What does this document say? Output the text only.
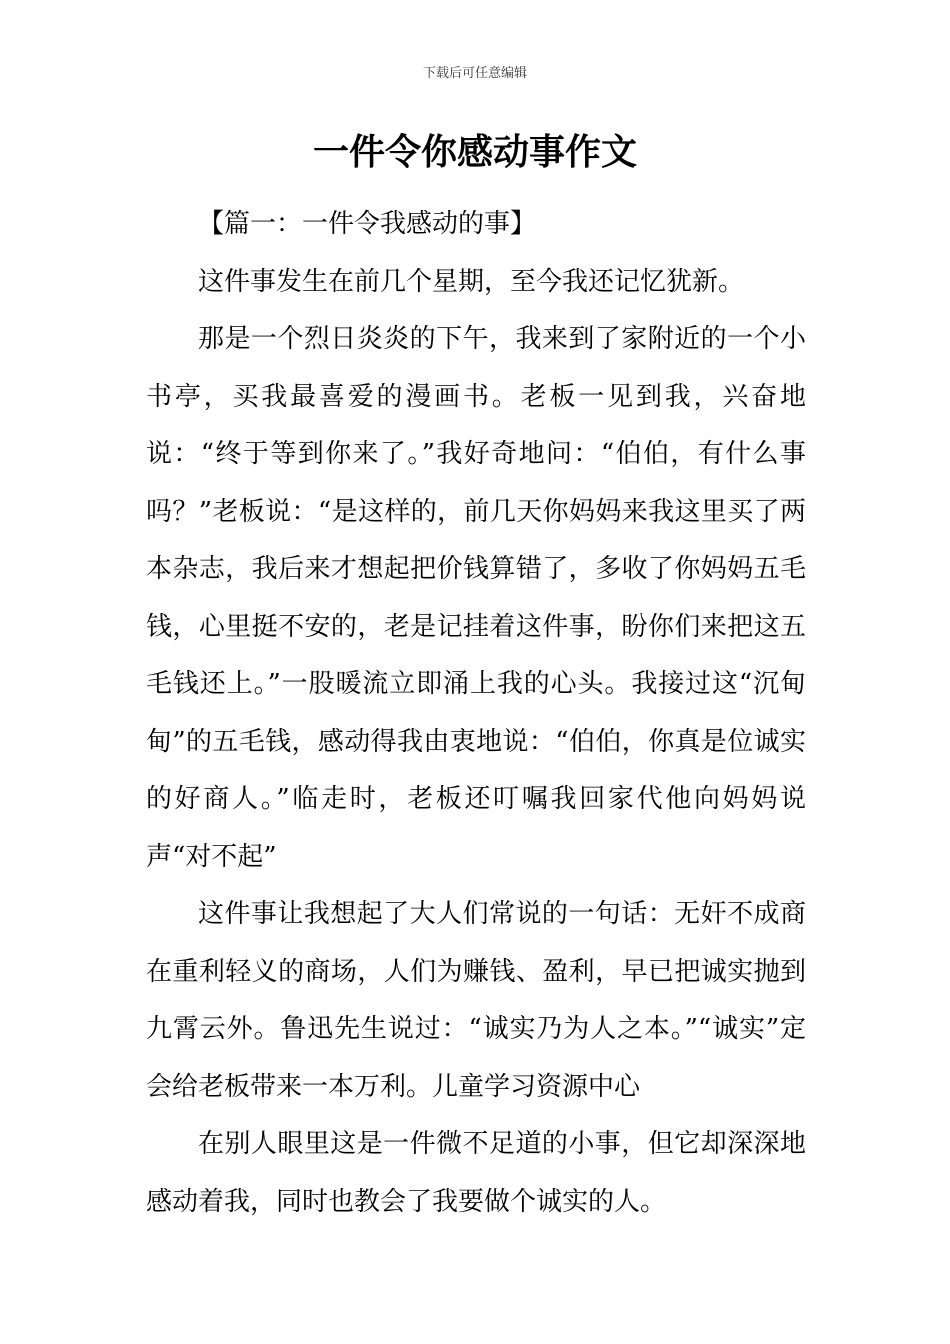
下载后可任意编辑
一件令你感动事作文

【篇一：一件令我感动的事】

这件事发生在前几个星期，至今我还记忆犹新。

那是一个烈日炎炎的下午，我来到了家附近的一个小书亭，买我最喜爱的漫画书。老板一见到我，兴奋地说：“终于等到你来了。”我好奇地问：“伯伯，有什么事吗？”老板说：“是这样的，前几天你妈妈来我这里买了两本杂志，我后来才想起把价钱算错了，多收了你妈妈五毛钱，心里挺不安的，老是记挂着这件事，盼你们来把这五毛钱还上。”一股暖流立即涌上我的心头。我接过这“沉甸甸”的五毛钱，感动得我由衷地说：“伯伯，你真是位诚实的好商人。”临走时，老板还叮嘱我回家代他向妈妈说声“对不起”

这件事让我想起了大人们常说的一句话：无奸不成商在重利轻义的商场，人们为赚钱、盈利，早已把诚实抛到九霄云外。鲁迅先生说过：“诚实乃为人之本。”“诚实”定会给老板带来一本万利。儿童学习资源中心

在别人眼里这是一件微不足道的小事，但它却深深地感动着我，同时也教会了我要做个诚实的人。
